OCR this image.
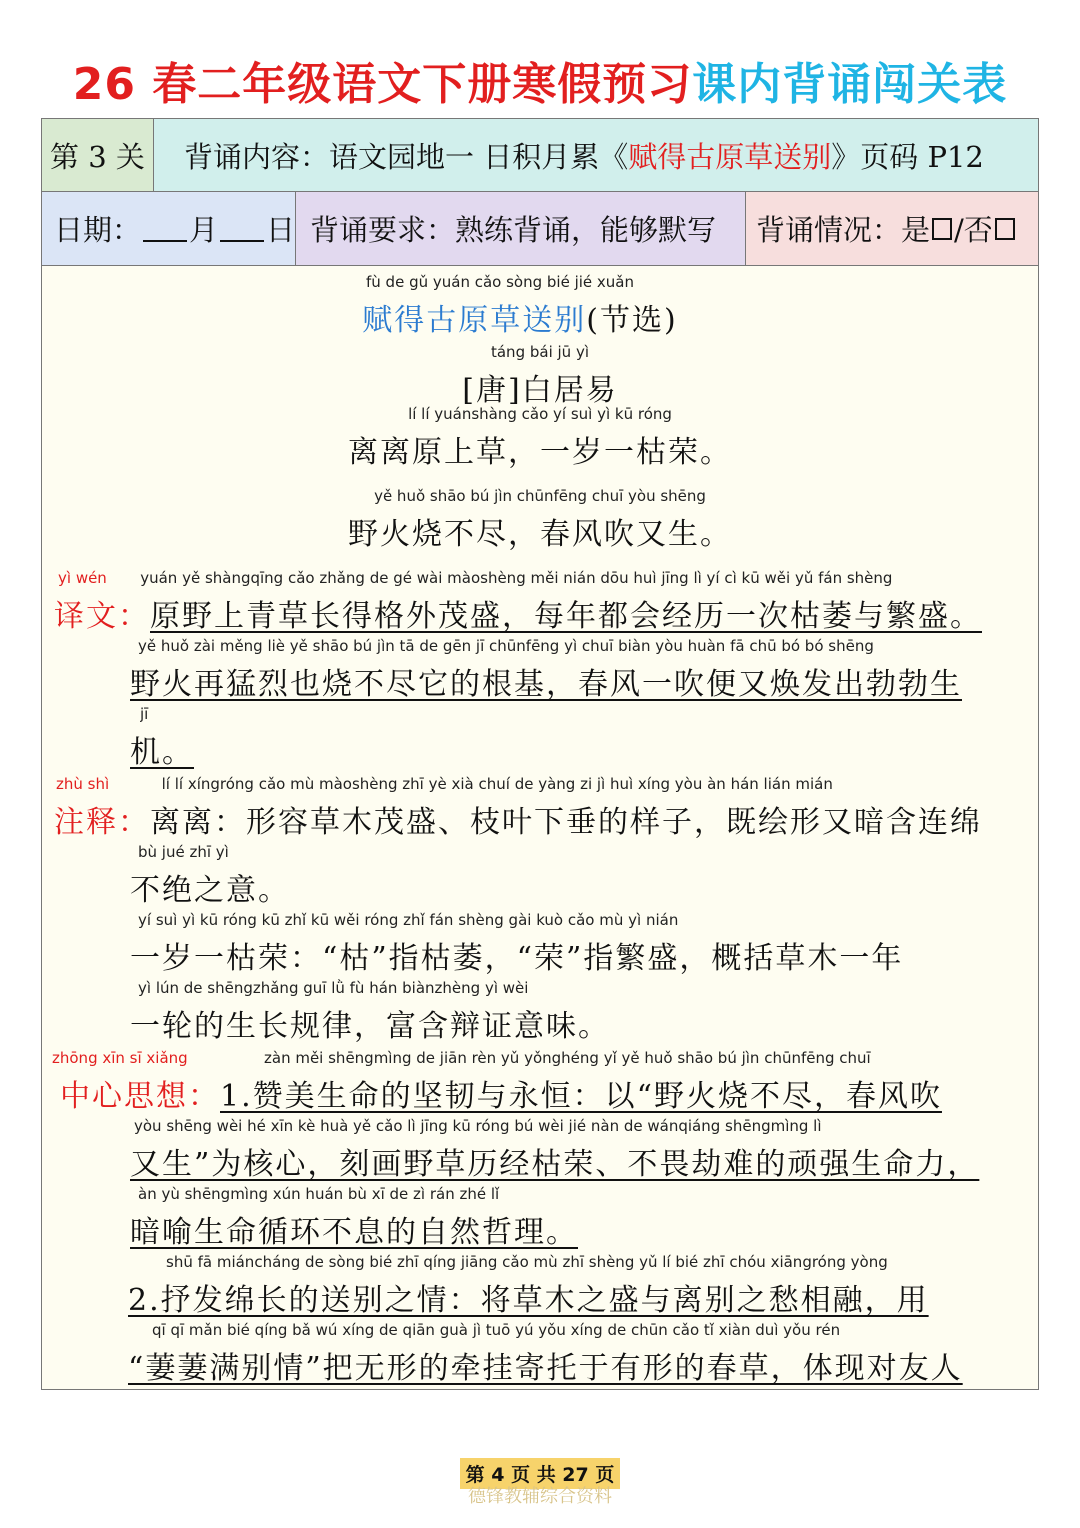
26 春二年级语文下册寒假预习课内背诵闯关表
第 3 关	背诵内容：语文园地一 日积月累《 赋得古原草送别 》页码 P12
日期： 月 日 背诵要求：熟练背诵，能够默写	背诵情况：是 /否
fù de gǔ yuán cǎo sòng bié jié xuǎn
赋得古原草送别(节选)
táng bái jū yì
[唐]白居易
lí lí yuánshàng cǎo yí suì yì kū róng
离离原上草，一岁一枯荣。
yě huǒ shāo bú jìn chūnfēng chuī yòu shēng
野火烧不尽，春风吹又生。
yì wén yuán yě shàngqīng cǎo zhǎng de gé wài màoshèng měi nián dōu huì jīng lì yí cì kū wěi yǔ fán shèng
译文：原野上青草长得格外茂盛，每年都会经历一次枯萎与繁盛。
yě huǒ zài měng liè yě shāo bú jìn tā de gēn jī chūnfēng yì chuī biàn yòu huàn fā chū bó bó shēng
野火再猛烈也烧不尽它的根基，春风一吹便又焕发出勃勃生
jī
机。
zhù shì	lí lí xíngróng cǎo mù màoshèng zhī yè xià chuí de yàng zi jì huì xíng yòu àn hán lián mián
注释：离离：形容草木茂盛、枝叶下垂的样子，既绘形又暗含连绵
bù jué zhī yì
不绝之意。
yí suì yì kū róng kū zhǐ kū wěi róng zhǐ fán shèng gài kuò cǎo mù yì nián
一岁一枯荣：“枯”指枯萎，“荣”指繁盛，概括草木一年
yì lún de shēngzhǎng guī lǜ fù hán biànzhèng yì wèi
一轮的生长规律，富含辩证意味。
zhōng xīn sī xiǎng	zàn měi shēngmìng de jiān rèn yǔ yǒnghéng yǐ yě huǒ shāo bú jìn chūnfēng chuī
中心思想：1.赞美生命的坚韧与永恒：以“野火烧不尽，春风吹
yòu shēng wèi hé xīn kè huà yě cǎo lì jīng kū róng bú wèi jié nàn de wánqiáng shēngmìng lì
又生”为核心，刻画野草历经枯荣、不畏劫难的顽强生命力，
àn yù shēngmìng xún huán bù xī de zì rán zhé lǐ
暗喻生命循环不息的自然哲理。
shū fā miáncháng de sòng bié zhī qíng jiāng cǎo mù zhī shèng yǔ lí bié zhī chóu xiāngróng yòng
2.抒发绵长的送别之情：将草木之盛与离别之愁相融，用
qī qī mǎn bié qíng bǎ wú xíng de qiān guà jì tuō yú yǒu xíng de chūn cǎo tǐ xiàn duì yǒu rén
“萋萋满别情”把无形的牵挂寄托于有形的春草，体现对友人
第 4 页 共 27 页
德锋教辅综合资料
